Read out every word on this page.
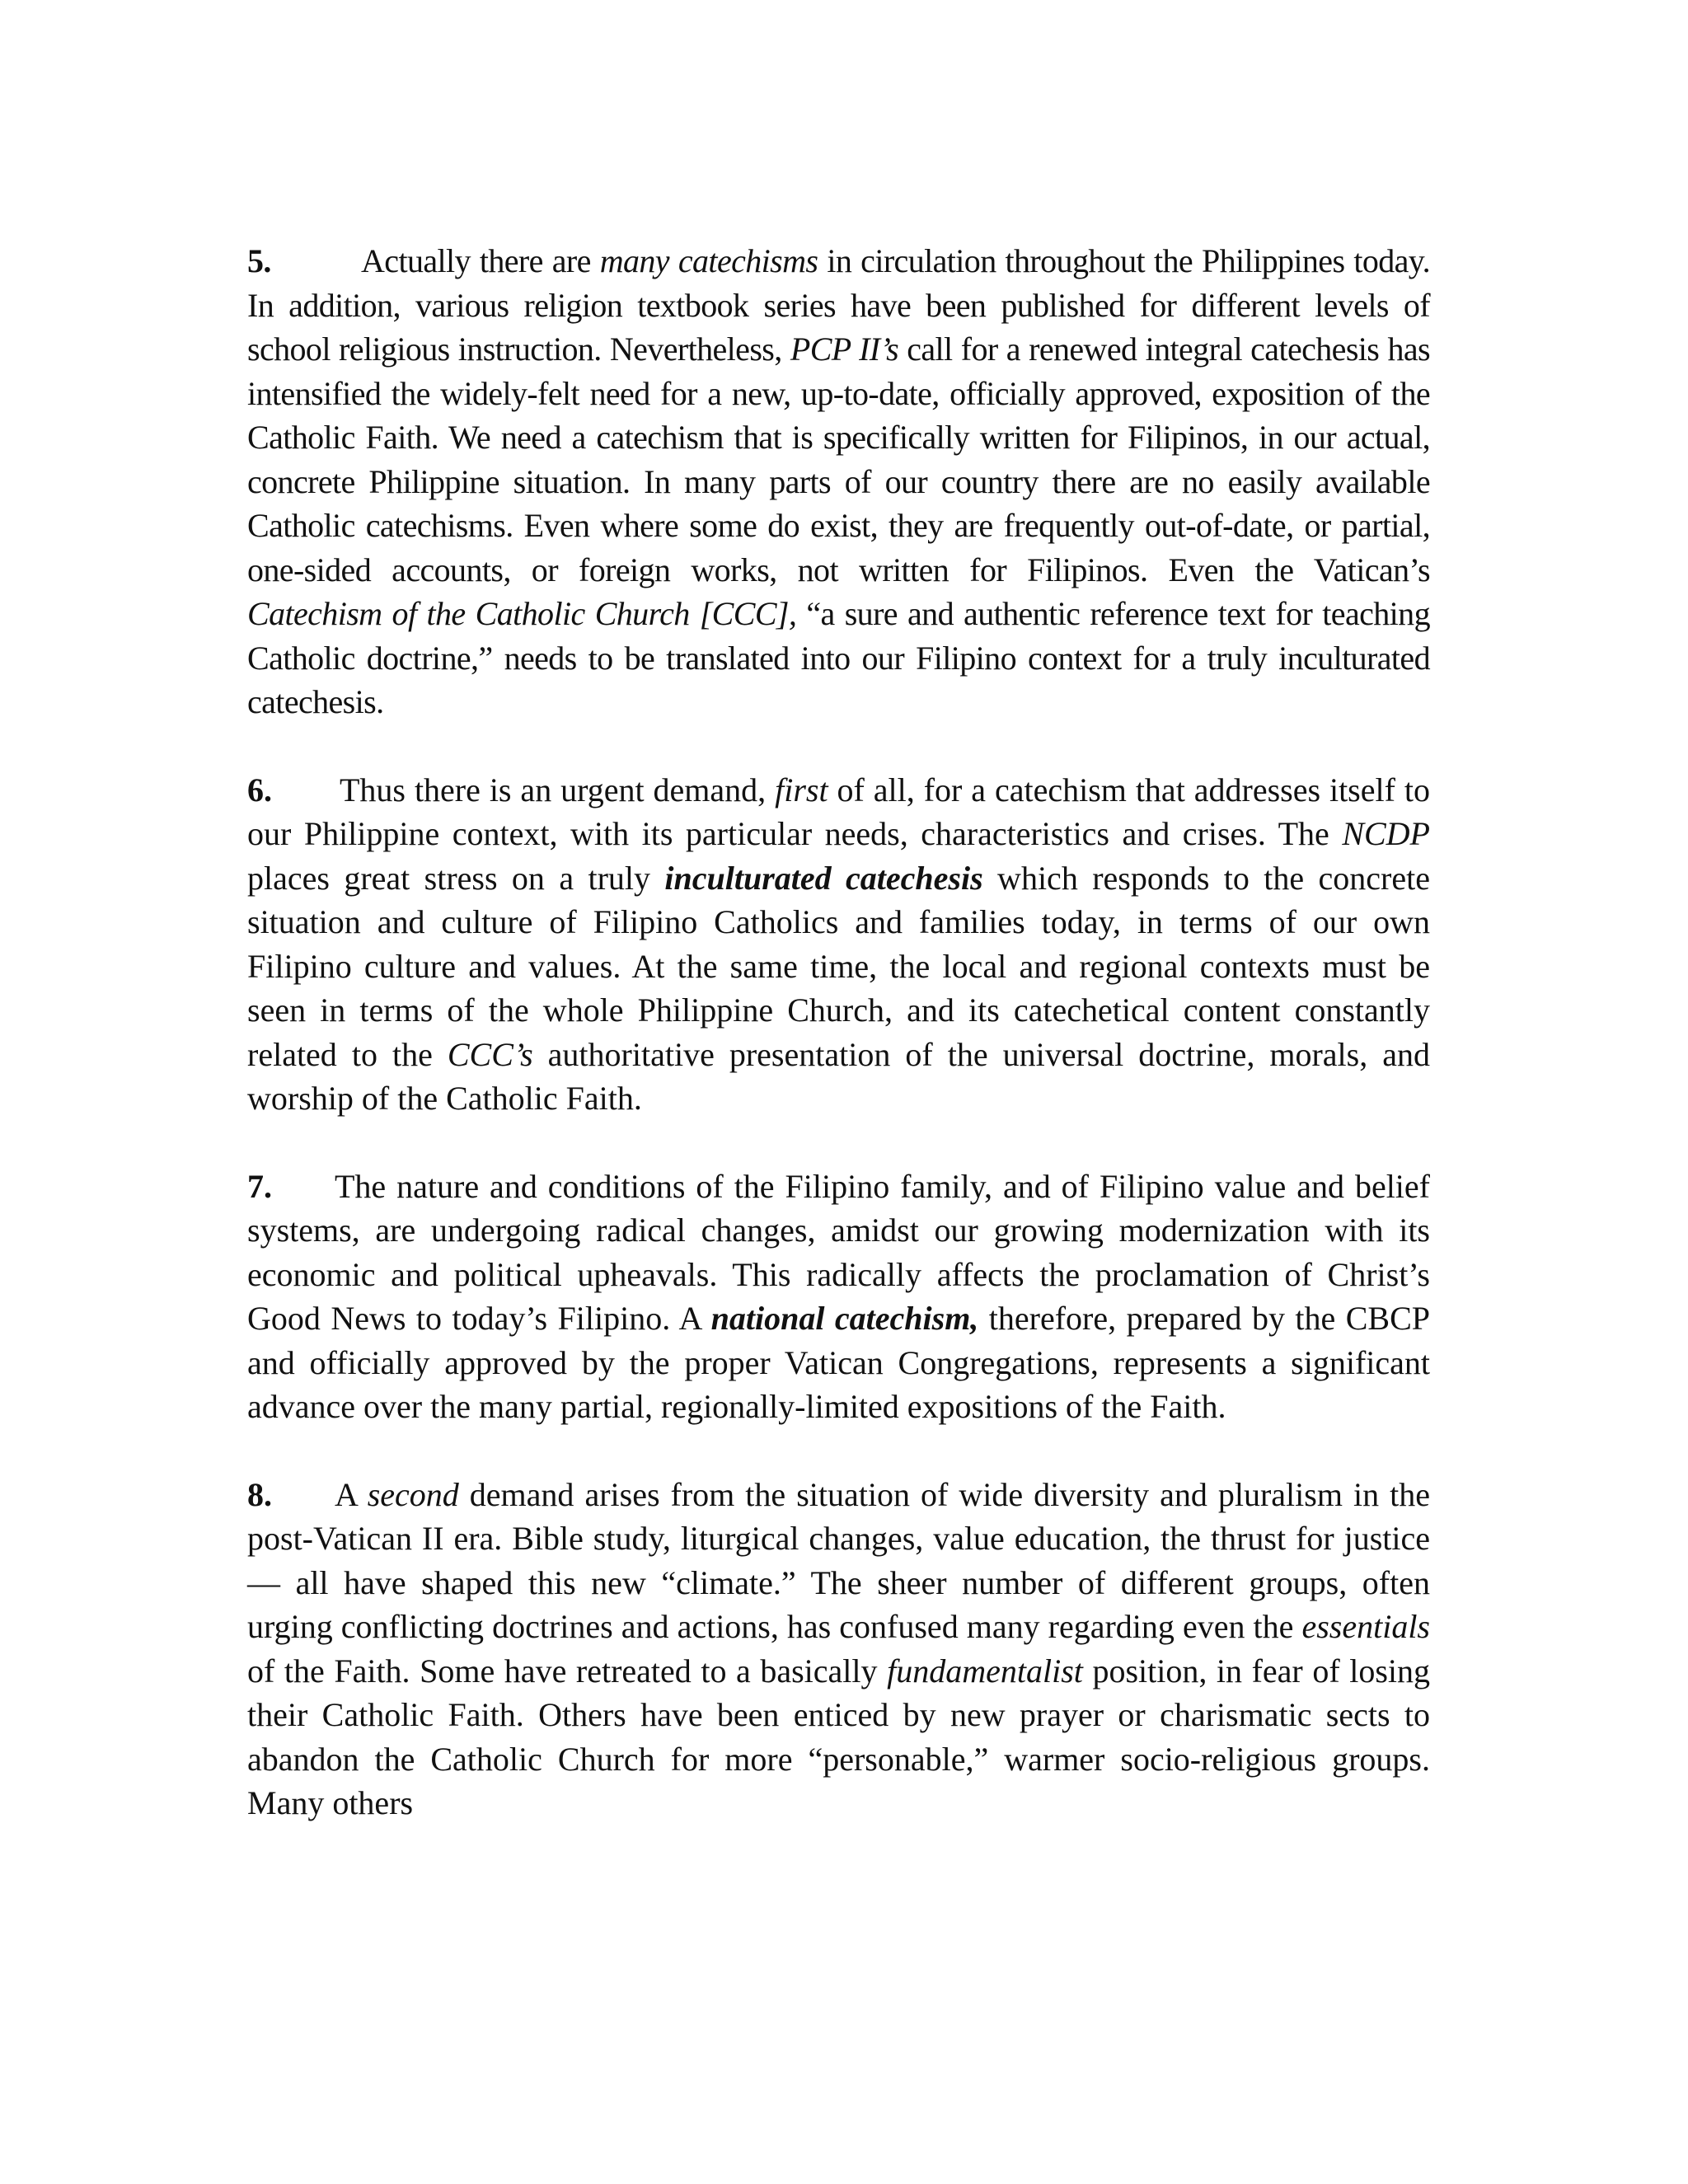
5.	Actually there are many catechisms in circulation throughout the Philippines today. In addition, various religion textbook series have been published for different levels of school religious instruction. Nevertheless, PCP II’s call for a renewed integral catechesis has intensified the widely-felt need for a new, up-to-date, officially approved, exposition of the Catholic Faith. We need a catechism that is specifically written for Filipinos, in our actual, concrete Philippine situation. In many parts of our country there are no easily available Catholic catechisms. Even where some do exist, they are frequently out-of-date, or partial, one-sided accounts, or foreign works, not written for Filipinos. Even the Vatican’s Catechism of the Catholic Church [CCC], “a sure and authentic reference text for teaching Catholic doctrine,” needs to be translated into our Filipino context for a truly inculturated catechesis.

6. Thus there is an urgent demand, first of all, for a catechism that addresses itself to our Philippine context, with its particular needs, characteristics and crises. The NCDP places great stress on a truly inculturated catechesis which responds to the concrete situation and culture of Filipino Catholics and families today, in terms of our own Filipino culture and values. At the same time, the local and regional contexts must be seen in terms of the whole Philippine Church, and its catechetical content constantly related to the CCC’s authoritative presentation of the universal doctrine, morals, and worship of the Catholic Faith.

7. The nature and conditions of the Filipino family, and of Filipino value and belief systems, are undergoing radical changes, amidst our growing modernization with its economic and political upheavals. This radically affects the proclamation of Christ’s Good News to today’s Filipino. A national catechism, therefore, prepared by the CBCP and officially approved by the proper Vatican Congregations, represents a significant advance over the many partial, regionally-limited expositions of the Faith.

8. A second demand arises from the situation of wide diversity and pluralism in the post-Vatican II era. Bible study, liturgical changes, value education, the thrust for justice — all have shaped this new “climate.” The sheer number of different groups, often urging conflicting doctrines and actions, has confused many regarding even the essentials of the Faith. Some have retreated to a basically fundamentalist position, in fear of losing their Catholic Faith. Others have been enticed by new prayer or charismatic sects to abandon the Catholic Church for more “personable,” warmer socio-religious groups. Many others
